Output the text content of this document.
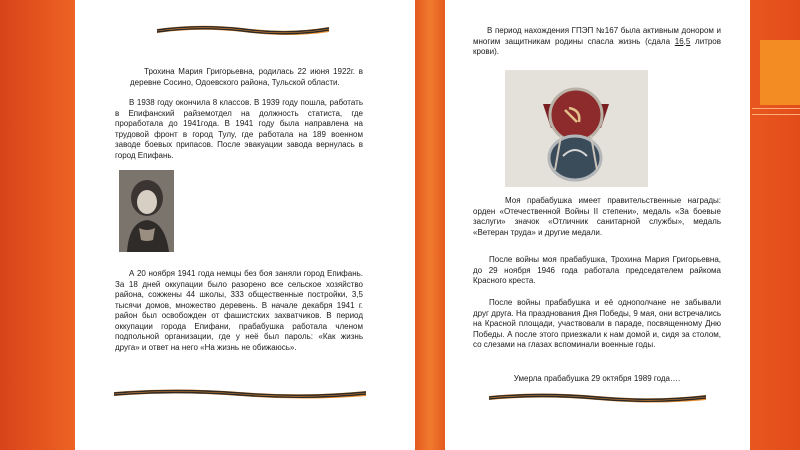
Трохина Мария Григорьевна, родилась 22 июня 1922г. в деревне Сосино, Одоевского района, Тульской области.

В 1938 году окончила 8 классов. В 1939 году пошла, работать в Епифанский райземотдел на должность статиста, где проработала до 1941года. В 1941 году была направлена на трудовой фронт в город Тулу, где работала на 189 военном заводе боевых припасов. После эвакуации завода вернулась в город Епифань.

А 20 ноября 1941 года немцы без боя заняли город Епифань. За 18 дней оккупации было разорено все сельское хозяйство района, сожжены 44 школы, 333 общественные постройки, 3,5 тысячи домов, множество деревень. В начале декабря 1941 г. район был освобожден от фашистских захватчиков. В период оккупации города Епифани, прабабушка работала членом подпольной организации, где у неё был пароль: «Как жизнь друга» и ответ на него «На жизнь не обижаюсь».

В период нахождения ГПЭП №167 была активным донором и многим защитникам родины спасла жизнь (сдала 16,5 литров крови).

Моя прабабушка имеет правительственные награды: орден «Отечественной Войны II степени», медаль «За боевые заслуги» значок «Отличник санитарной службы», медаль «Ветеран труда» и другие медали.

После войны моя прабабушка, Трохина Мария Григорьевна, до 29 ноября 1946 года работала председателем райкома Красного креста.

После войны прабабушка и её однополчане не забывали друг друга. На празднования Дня Победы, 9 мая, они встречались на Красной площади, участвовали в параде, посвященному Дню Победы. А после этого приезжали к нам домой и, сидя за столом, со слезами на глазах вспоминали военные годы.

Умерла прабабушка 29 октября 1989 года….
